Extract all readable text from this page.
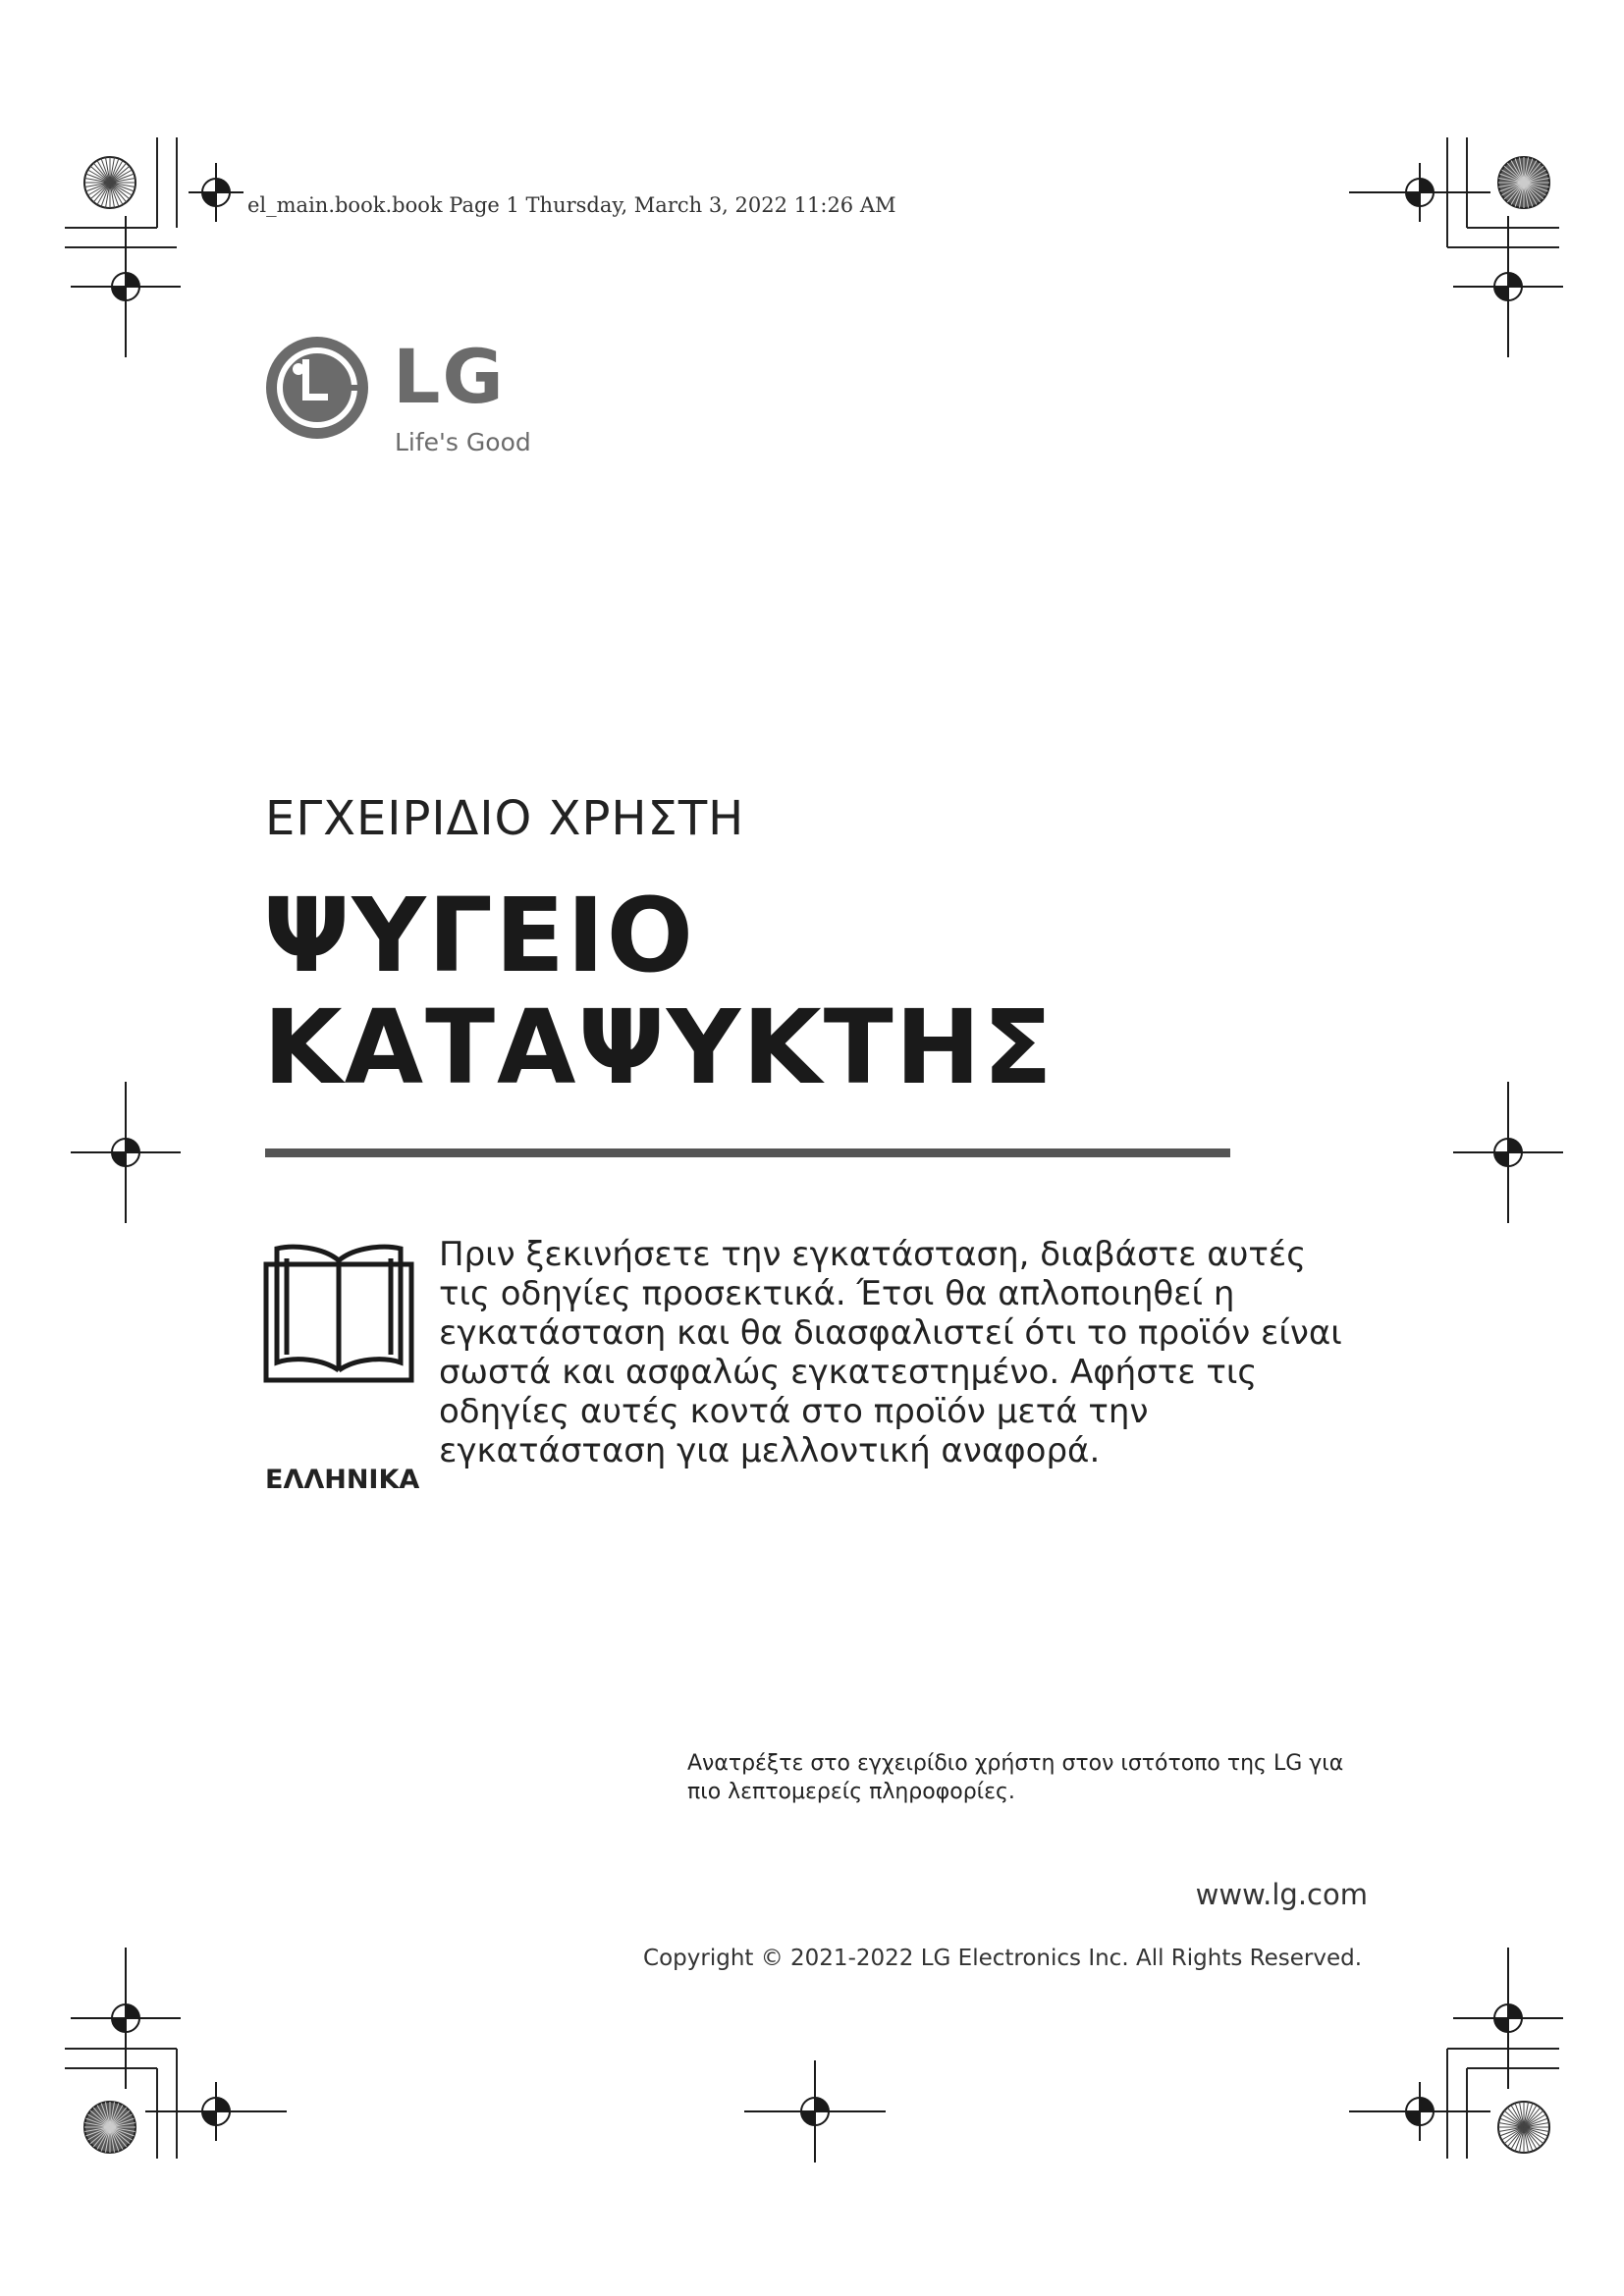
el_main.book.book Page 1 Thursday, March 3, 2022 11:26 AM
LG
Life's Good
ΕΓΧΕΙΡΙΔΙΟ ΧΡΗΣΤΗ
ΨΥΓΕΙΟ
ΚΑΤΑΨΥΚΤΗΣ

Πριν ξεκινήσετε την εγκατάσταση, διαβάστε αυτές τις οδηγίες προσεκτικά. Έτσι θα απλοποιηθεί η εγκατάσταση και θα διασφαλιστεί ότι το προϊόν είναι σωστά και ασφαλώς εγκατεστημένο. Αφήστε τις οδηγίες αυτές κοντά στο προϊόν μετά την εγκατάσταση για μελλοντική αναφορά.

ΕΛΛΗΝΙΚΑ

Ανατρέξτε στο εγχειρίδιο χρήστη στον ιστότοπο της LG για πιο λεπτομερείς πληροφορίες.

www.lg.com
Copyright © 2021-2022 LG Electronics Inc. All Rights Reserved.
